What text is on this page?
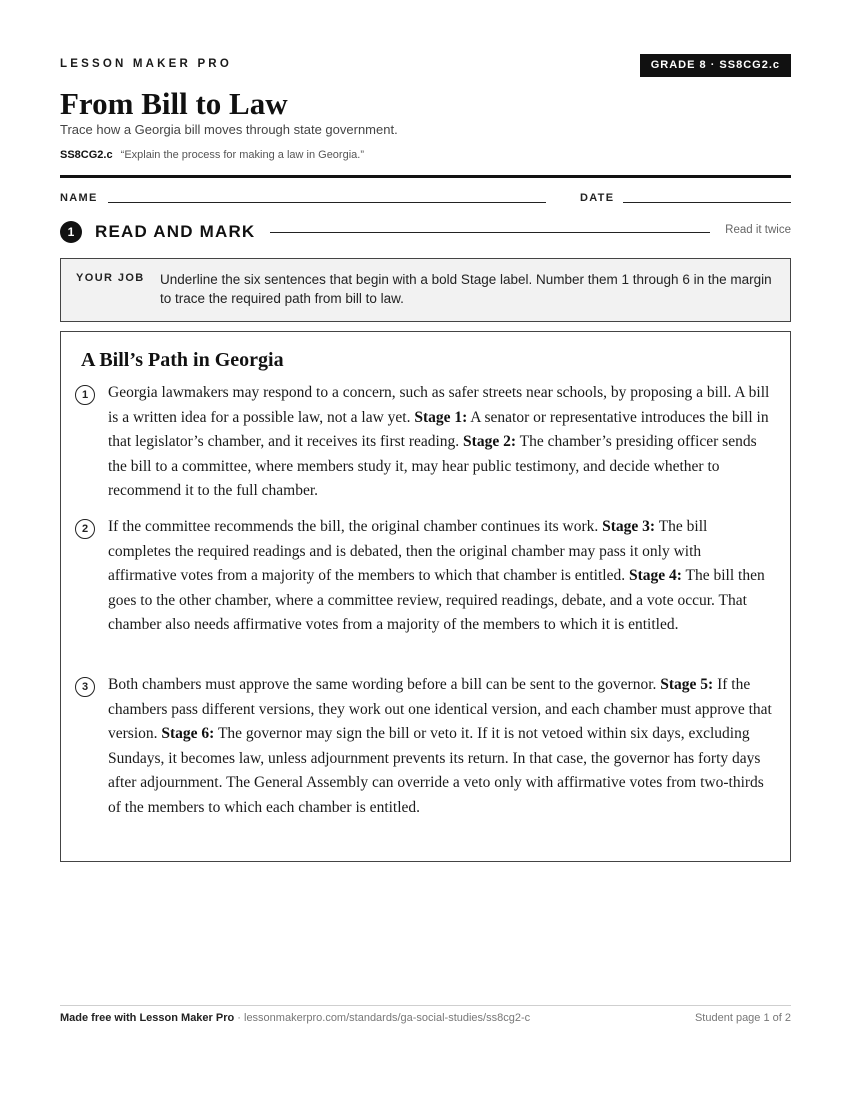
LESSON MAKER PRO	GRADE 8 · SS8CG2.c
From Bill to Law
Trace how a Georgia bill moves through state government.
SS8CG2.c “Explain the process for making a law in Georgia.”
NAME	DATE
1	READ AND MARK	Read it twice
YOUR JOB Underline the six sentences that begin with a bold Stage label. Number them 1 through 6 in the margin to trace the required path from bill to law.
A Bill’s Path in Georgia
1	Georgia lawmakers may respond to a concern, such as safer streets near schools, by proposing a bill. A bill is a written idea for a possible law, not a law yet. Stage 1: A senator or representative introduces the bill in that legislator’s chamber, and it receives its first reading. Stage 2: The chamber’s presiding officer sends the bill to a committee, where members study it, may hear public testimony, and decide whether to recommend it to the full chamber.
2	If the committee recommends the bill, the original chamber continues its work. Stage 3: The bill completes the required readings and is debated, then the original chamber may pass it only with affirmative votes from a majority of the members to which that chamber is entitled. Stage 4: The bill then goes to the other chamber, where a committee review, required readings, debate, and a vote occur. That chamber also needs affirmative votes from a majority of the members to which it is entitled.
3	Both chambers must approve the same wording before a bill can be sent to the governor. Stage 5: If the chambers pass different versions, they work out one identical version, and each chamber must approve that version. Stage 6: The governor may sign the bill or veto it. If it is not vetoed within six days, excluding Sundays, it becomes law, unless adjournment prevents its return. In that case, the governor has forty days after adjournment. The General Assembly can override a veto only with affirmative votes from two-thirds of the members to which each chamber is entitled.
Made free with Lesson Maker Pro · lessonmakerpro.com/standards/ga-social-studies/ss8cg2-c	Student page 1 of 2
